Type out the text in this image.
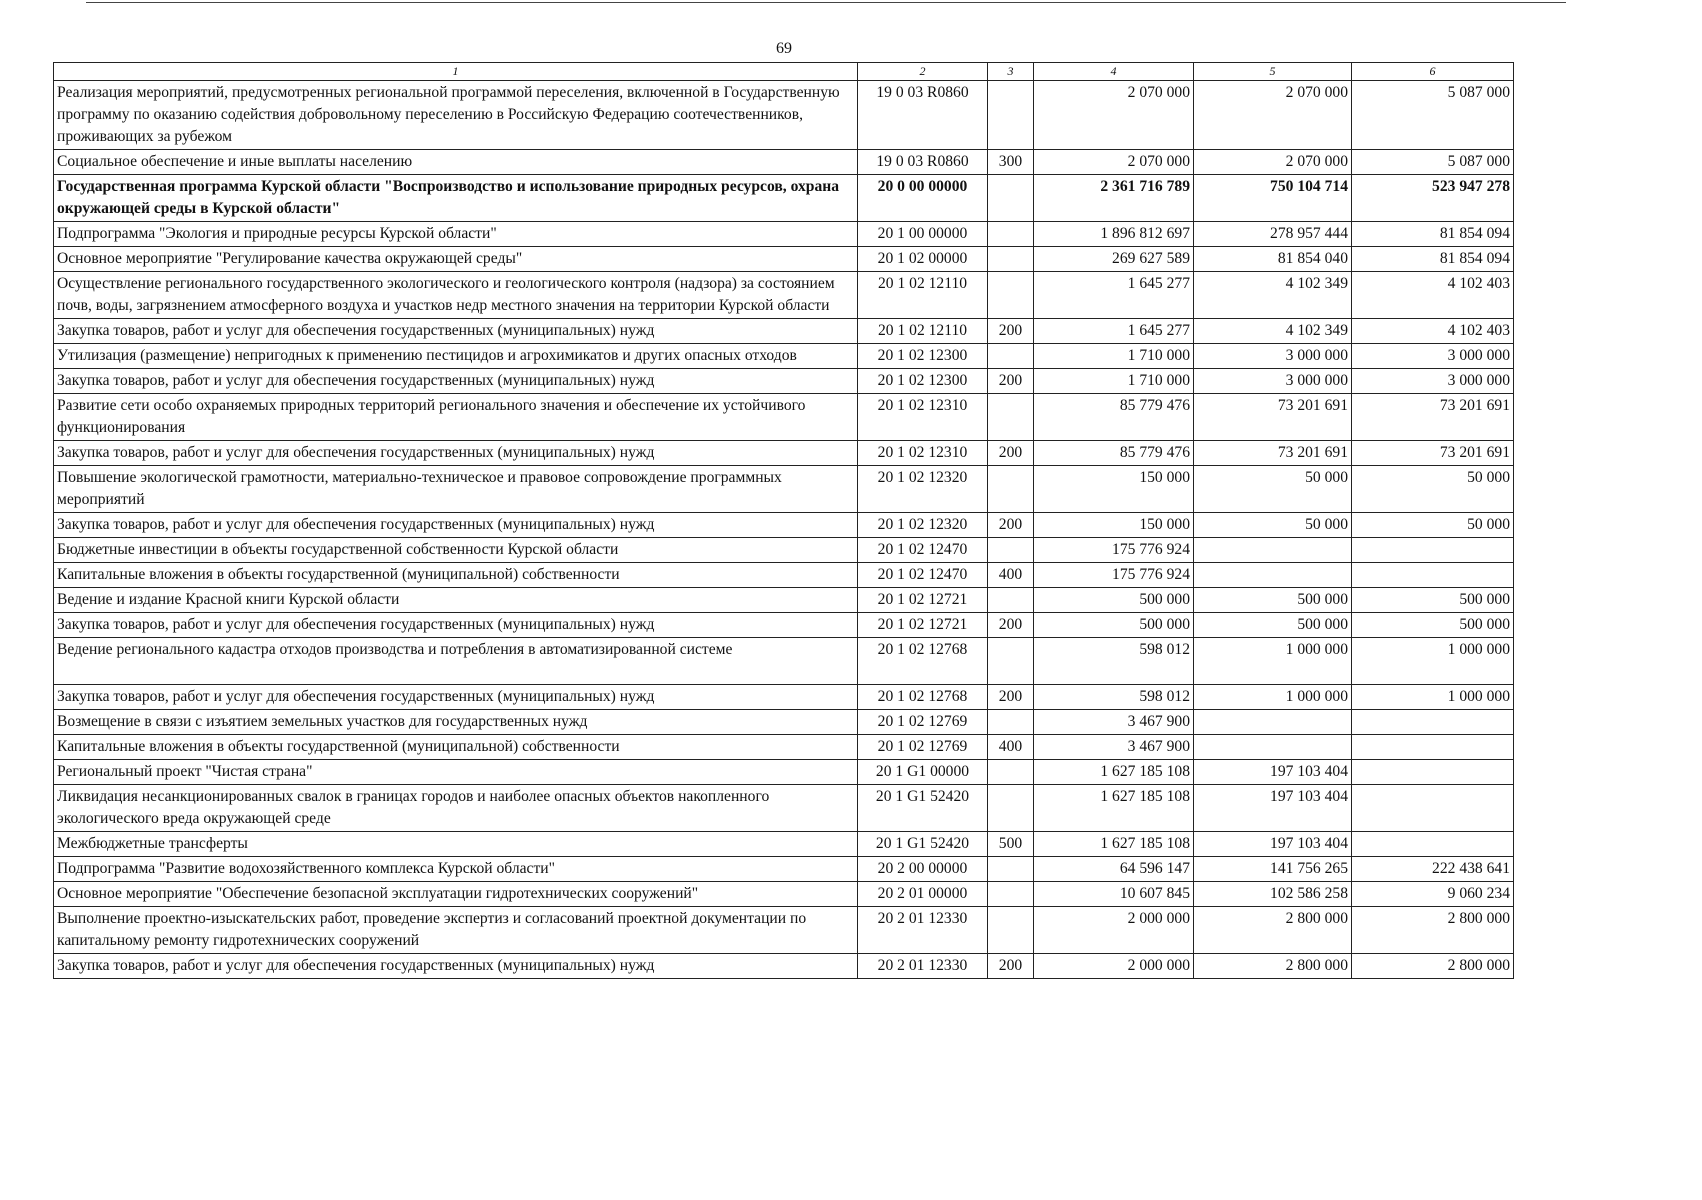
69
1	2	3	4	5	6
Реализация мероприятий, предусмотренных региональной программой переселения, включенной в Государственную программу по оказанию содействия добровольному переселению в Российскую Федерацию соотечественников, проживающих за рубежом	19 0 03 R0860		2 070 000	2 070 000	5 087 000
Социальное обеспечение и иные выплаты населению	19 0 03 R0860	300	2 070 000	2 070 000	5 087 000
Государственная программа Курской области "Воспроизводство и использование природных ресурсов, охрана окружающей среды в Курской области"	20 0 00 00000		2 361 716 789	750 104 714	523 947 278
Подпрограмма "Экология и природные ресурсы Курской области"	20 1 00 00000		1 896 812 697	278 957 444	81 854 094
Основное мероприятие "Регулирование качества окружающей среды"	20 1 02 00000		269 627 589	81 854 040	81 854 094
Осуществление регионального государственного экологического и геологического контроля (надзора) за состоянием почв, воды, загрязнением атмосферного воздуха и участков недр местного значения на территории Курской области	20 1 02 12110		1 645 277	4 102 349	4 102 403
Закупка товаров, работ и услуг для обеспечения государственных (муниципальных) нужд	20 1 02 12110	200	1 645 277	4 102 349	4 102 403
Утилизация (размещение) непригодных к применению пестицидов и агрохимикатов и других опасных отходов	20 1 02 12300		1 710 000	3 000 000	3 000 000
Закупка товаров, работ и услуг для обеспечения государственных (муниципальных) нужд	20 1 02 12300	200	1 710 000	3 000 000	3 000 000
Развитие сети особо охраняемых природных территорий регионального значения и обеспечение их устойчивого функционирования	20 1 02 12310		85 779 476	73 201 691	73 201 691
Закупка товаров, работ и услуг для обеспечения государственных (муниципальных) нужд	20 1 02 12310	200	85 779 476	73 201 691	73 201 691
Повышение экологической грамотности, материально-техническое и правовое сопровождение программных мероприятий	20 1 02 12320		150 000	50 000	50 000
Закупка товаров, работ и услуг для обеспечения государственных (муниципальных) нужд	20 1 02 12320	200	150 000	50 000	50 000
Бюджетные инвестиции в объекты государственной собственности Курской области	20 1 02 12470		175 776 924		
Капитальные вложения в объекты государственной (муниципальной) собственности	20 1 02 12470	400	175 776 924		
Ведение и издание Красной книги Курской области	20 1 02 12721		500 000	500 000	500 000
Закупка товаров, работ и услуг для обеспечения государственных (муниципальных) нужд	20 1 02 12721	200	500 000	500 000	500 000
Ведение регионального кадастра отходов производства и потребления в автоматизированной системе	20 1 02 12768		598 012	1 000 000	1 000 000
Закупка товаров, работ и услуг для обеспечения государственных (муниципальных) нужд	20 1 02 12768	200	598 012	1 000 000	1 000 000
Возмещение в связи с изъятием земельных участков для государственных нужд	20 1 02 12769		3 467 900		
Капитальные вложения в объекты государственной (муниципальной) собственности	20 1 02 12769	400	3 467 900		
Региональный проект "Чистая страна"	20 1 G1 00000		1 627 185 108	197 103 404	
Ликвидация несанкционированных свалок в границах городов и наиболее опасных объектов накопленного экологического вреда окружающей среде	20 1 G1 52420		1 627 185 108	197 103 404	
Межбюджетные трансферты	20 1 G1 52420	500	1 627 185 108	197 103 404	
Подпрограмма "Развитие водохозяйственного комплекса Курской области"	20 2 00 00000		64 596 147	141 756 265	222 438 641
Основное мероприятие "Обеспечение безопасной эксплуатации гидротехнических сооружений"	20 2 01 00000		10 607 845	102 586 258	9 060 234
Выполнение проектно-изыскательских работ, проведение экспертиз и согласований проектной документации по капитальному ремонту гидротехнических сооружений	20 2 01 12330		2 000 000	2 800 000	2 800 000
Закупка товаров, работ и услуг для обеспечения государственных (муниципальных) нужд	20 2 01 12330	200	2 000 000	2 800 000	2 800 000
